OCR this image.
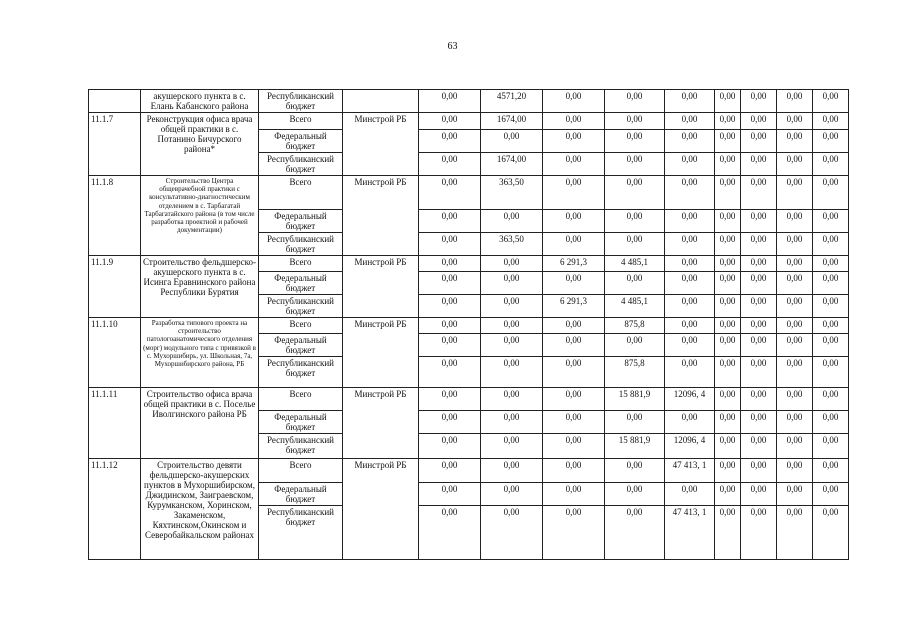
63
	акушерского пункта в с. Елань Кабанского района	Республиканский бюджет		0,00	4571,20	0,00	0,00	0,00	0,00	0,00	0,00	0,00
11.1.7	Реконструкция офиса врача общей практики в с. Потанино Бичурского района*	Всего	Минстрой РБ	0,00	1674,00	0,00	0,00	0,00	0,00	0,00	0,00	0,00
		Федеральный бюджет		0,00	0,00	0,00	0,00	0,00	0,00	0,00	0,00	0,00
		Республиканский бюджет		0,00	1674,00	0,00	0,00	0,00	0,00	0,00	0,00	0,00
11.1.8	Строительство Центра общеврачебной практики с консультативно-диагностическим отделением в с. Тарбагатай Тарбагатайского района (в том числе разработка проектной и рабочей документации)	Всего	Минстрой РБ	0,00	363,50	0,00	0,00	0,00	0,00	0,00	0,00	0,00
		Федеральный бюджет		0,00	0,00	0,00	0,00	0,00	0,00	0,00	0,00	0,00
		Республиканский бюджет		0,00	363,50	0,00	0,00	0,00	0,00	0,00	0,00	0,00
11.1.9	Строительство фельдшерско-акушерского пункта в с. Исинга Еравнинского района Республики Бурятия	Всего	Минстрой РБ	0,00	0,00	6 291,3	4 485,1	0,00	0,00	0,00	0,00	0,00
		Федеральный бюджет		0,00	0,00	0,00	0,00	0,00	0,00	0,00	0,00	0,00
		Республиканский бюджет		0,00	0,00	6 291,3	4 485,1	0,00	0,00	0,00	0,00	0,00
11.1.10	Разработка типового проекта на строительство патологоанатомического отделения (морг) модульного типа с привязкой в с. Мухоршибирь, ул. Школьная, 7а, Мухоршибирского района, РБ	Всего	Минстрой РБ	0,00	0,00	0,00	875,8	0,00	0,00	0,00	0,00	0,00
		Федеральный бюджет		0,00	0,00	0,00	0,00	0,00	0,00	0,00	0,00	0,00
		Республиканский бюджет		0,00	0,00	0,00	875,8	0,00	0,00	0,00	0,00	0,00
11.1.11	Строительство офиса врача общей практики в с. Поселье Иволгинского района РБ	Всего	Минстрой РБ	0,00	0,00	0,00	15 881,9	12096, 4	0,00	0,00	0,00	0,00
		Федеральный бюджет		0,00	0,00	0,00	0,00	0,00	0,00	0,00	0,00	0,00
		Республиканский бюджет		0,00	0,00	0,00	15 881,9	12096, 4	0,00	0,00	0,00	0,00
11.1.12	Строительство девяти фельдшерско-акушерских пунктов в Мухоршибирском, Джидинском, Заиграевском, Курумканском, Хоринском, Закаменском, Кяхтинском,Окинском и Северобайкальском районах	Всего	Минстрой РБ	0,00	0,00	0,00	0,00	47 413, 1	0,00	0,00	0,00	0,00
		Федеральный бюджет		0,00	0,00	0,00	0,00	0,00	0,00	0,00	0,00	0,00
		Республиканский бюджет		0,00	0,00	0,00	0,00	47 413, 1	0,00	0,00	0,00	0,00
